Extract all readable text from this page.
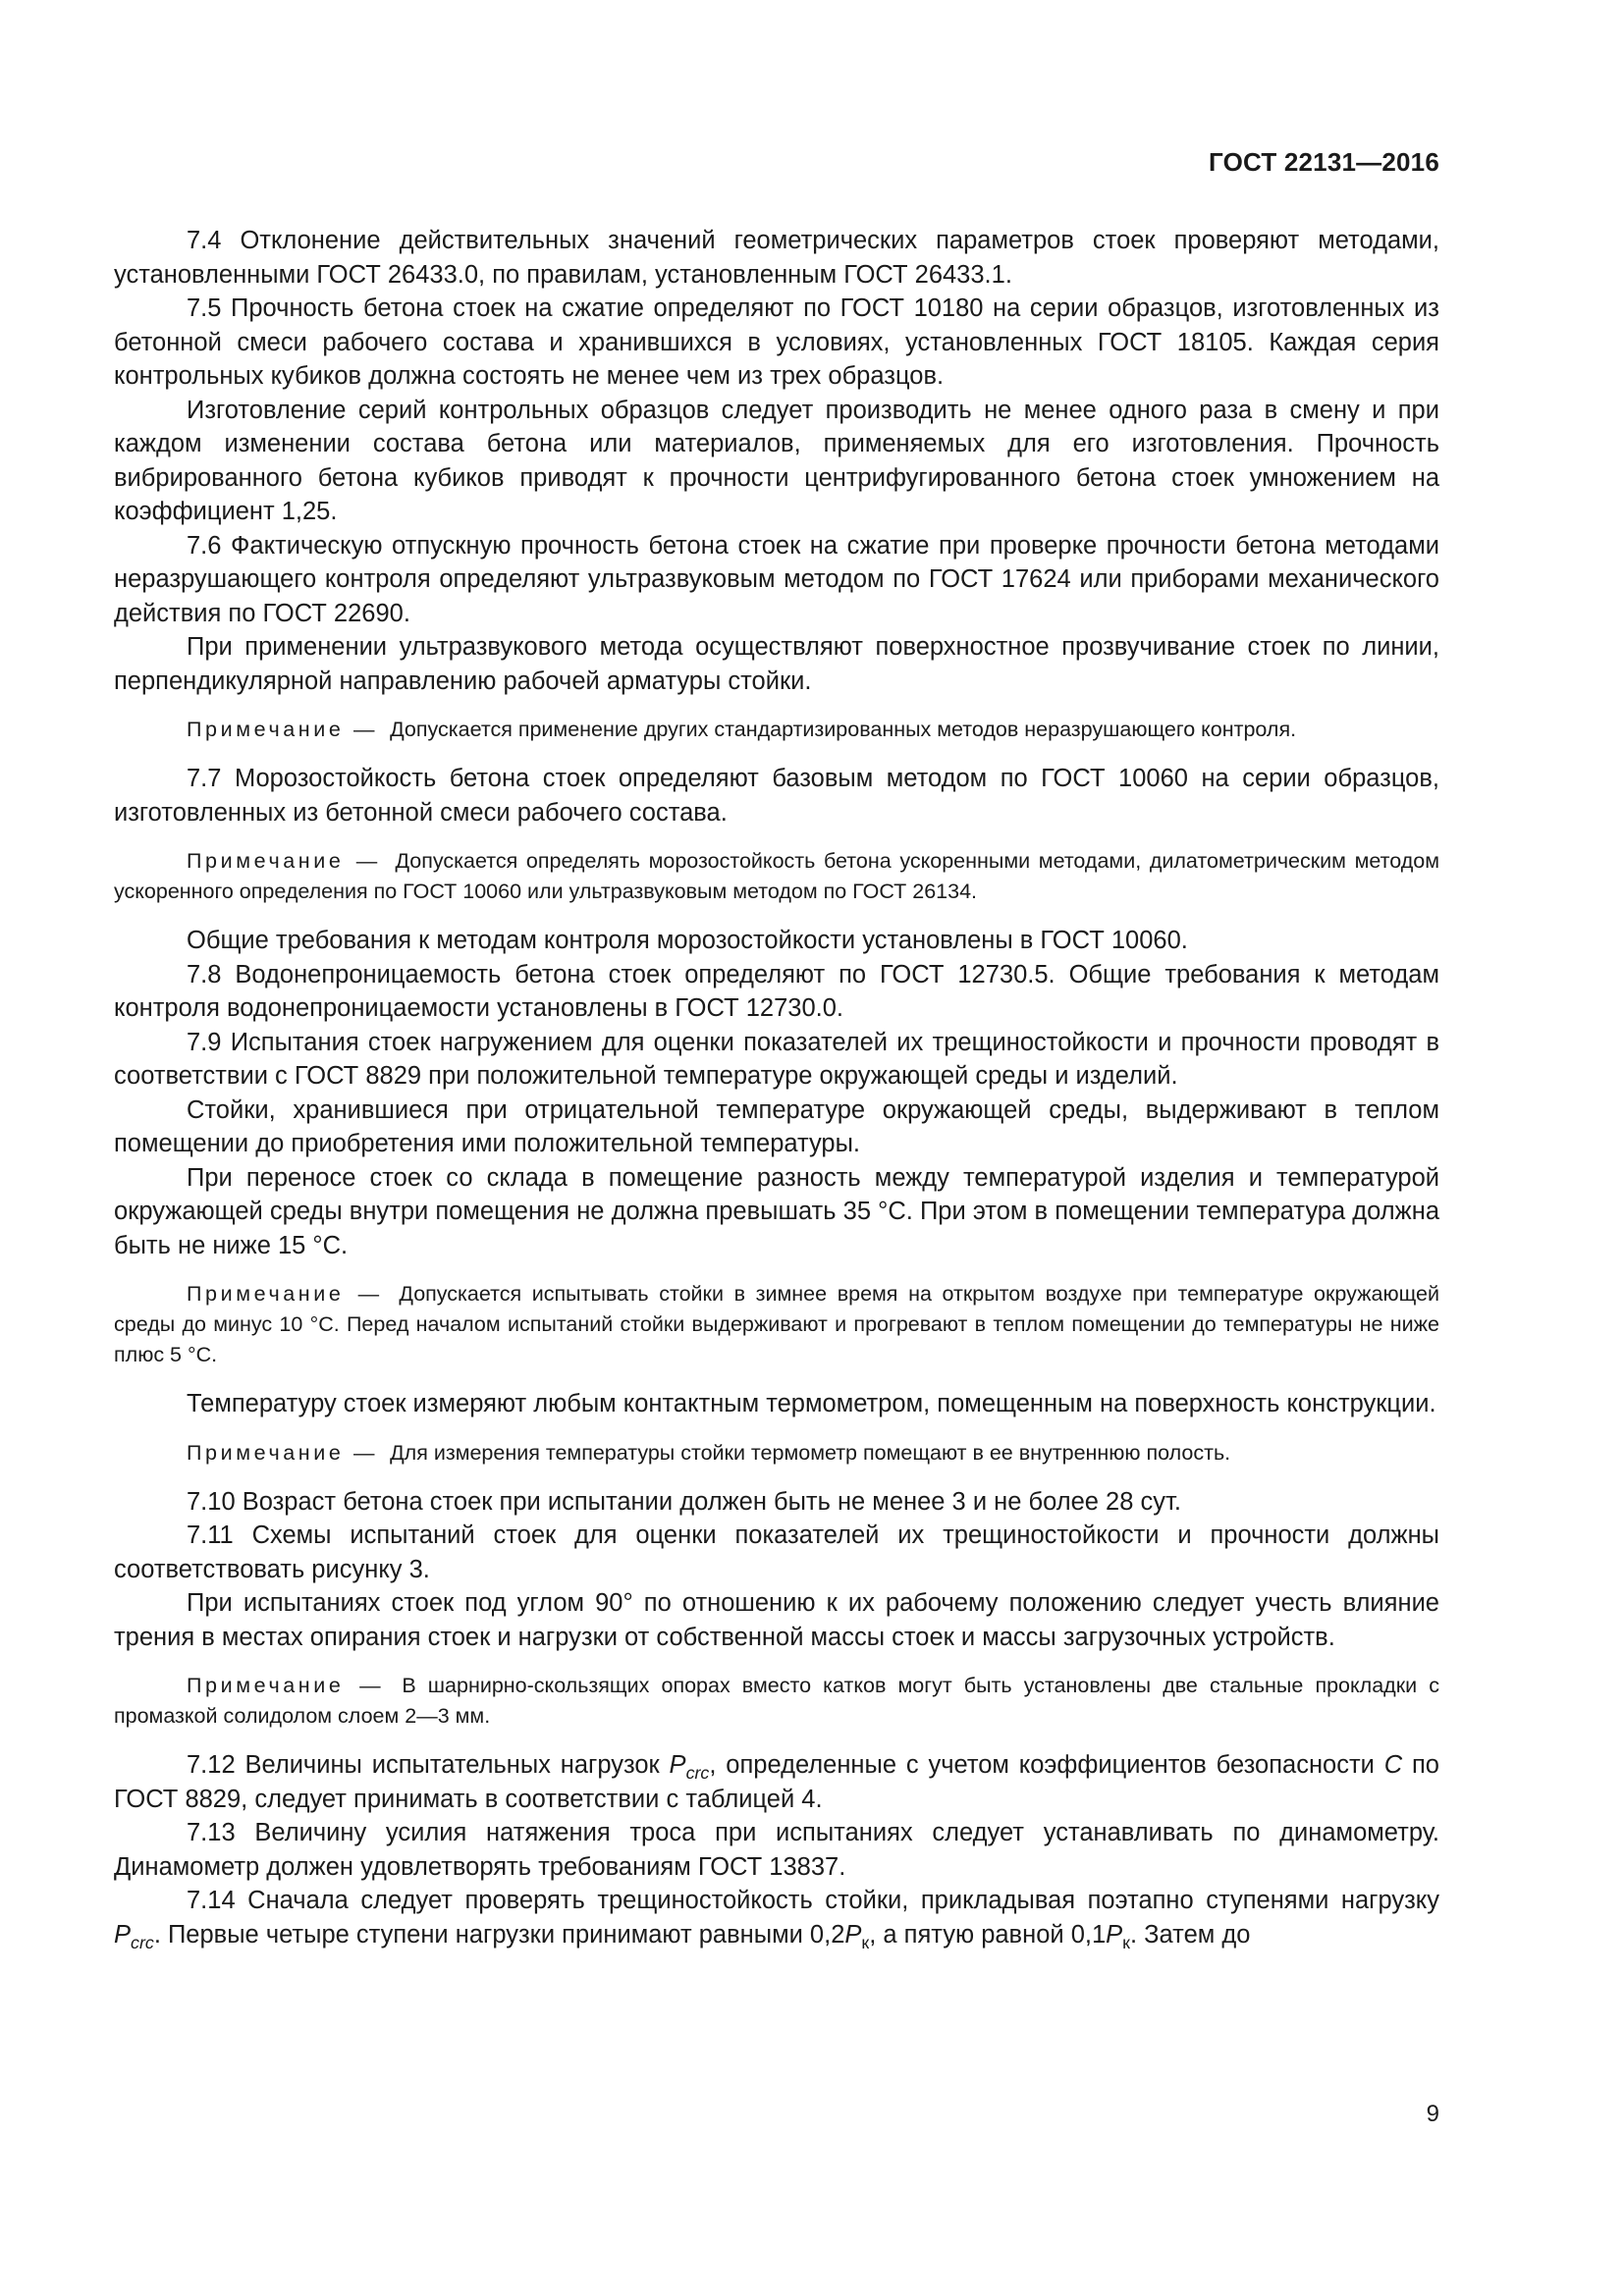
ГОСТ 22131—2016

7.4 Отклонение действительных значений геометрических параметров стоек проверяют методами, установленными ГОСТ 26433.0, по правилам, установленным ГОСТ 26433.1.

7.5 Прочность бетона стоек на сжатие определяют по ГОСТ 10180 на серии образцов, изготовленных из бетонной смеси рабочего состава и хранившихся в условиях, установленных ГОСТ 18105. Каждая серия контрольных кубиков должна состоять не менее чем из трех образцов.

Изготовление серий контрольных образцов следует производить не менее одного раза в смену и при каждом изменении состава бетона или материалов, применяемых для его изготовления. Прочность вибрированного бетона кубиков приводят к прочности центрифугированного бетона стоек умножением на коэффициент 1,25.

7.6 Фактическую отпускную прочность бетона стоек на сжатие при проверке прочности бетона методами неразрушающего контроля определяют ультразвуковым методом по ГОСТ 17624 или приборами механического действия по ГОСТ 22690.

При применении ультразвукового метода осуществляют поверхностное прозвучивание стоек по линии, перпендикулярной направлению рабочей арматуры стойки.

Примечание — Допускается применение других стандартизированных методов неразрушающего контроля.

7.7 Морозостойкость бетона стоек определяют базовым методом по ГОСТ 10060 на серии образцов, изготовленных из бетонной смеси рабочего состава.

Примечание — Допускается определять морозостойкость бетона ускоренными методами, дилатометрическим методом ускоренного определения по ГОСТ 10060 или ультразвуковым методом по ГОСТ 26134.

Общие требования к методам контроля морозостойкости установлены в ГОСТ 10060.

7.8 Водонепроницаемость бетона стоек определяют по ГОСТ 12730.5. Общие требования к методам контроля водонепроницаемости установлены в ГОСТ 12730.0.

7.9 Испытания стоек нагружением для оценки показателей их трещиностойкости и прочности проводят в соответствии с ГОСТ 8829 при положительной температуре окружающей среды и изделий.

Стойки, хранившиеся при отрицательной температуре окружающей среды, выдерживают в теплом помещении до приобретения ими положительной температуры.

При переносе стоек со склада в помещение разность между температурой изделия и температурой окружающей среды внутри помещения не должна превышать 35 °С. При этом в помещении температура должна быть не ниже 15 °С.

Примечание — Допускается испытывать стойки в зимнее время на открытом воздухе при температуре окружающей среды до минус 10 °С. Перед началом испытаний стойки выдерживают и прогревают в теплом помещении до температуры не ниже плюс 5 °С.

Температуру стоек измеряют любым контактным термометром, помещенным на поверхность конструкции.

Примечание — Для измерения температуры стойки термометр помещают в ее внутреннюю полость.

7.10 Возраст бетона стоек при испытании должен быть не менее 3 и не более 28 сут.

7.11 Схемы испытаний стоек для оценки показателей их трещиностойкости и прочности должны соответствовать рисунку 3.

При испытаниях стоек под углом 90° по отношению к их рабочему положению следует учесть влияние трения в местах опирания стоек и нагрузки от собственной массы стоек и массы загрузочных устройств.

Примечание — В шарнирно-скользящих опорах вместо катков могут быть установлены две стальные прокладки с промазкой солидолом слоем 2—3 мм.

7.12 Величины испытательных нагрузок $P_{crc}$, определенные с учетом коэффициентов безопасности C по ГОСТ 8829, следует принимать в соответствии с таблицей 4.

7.13 Величину усилия натяжения троса при испытаниях следует устанавливать по динамометру. Динамометр должен удовлетворять требованиям ГОСТ 13837.

7.14 Сначала следует проверять трещиностойкость стойки, прикладывая поэтапно ступенями нагрузку $P_{crc}$. Первые четыре ступени нагрузки принимают равными $0,2P_к$, а пятую равной $0,1P_к$. Затем до

9
